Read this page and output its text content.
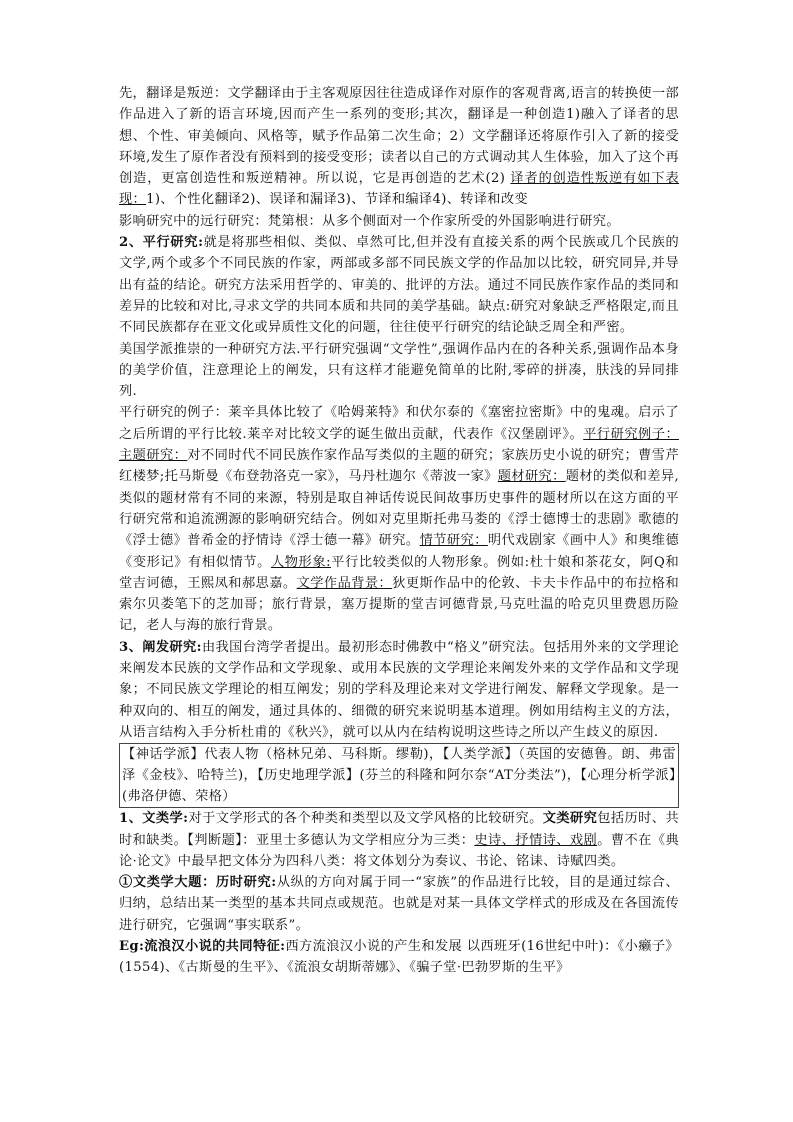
先，翻译是叛逆：文学翻译由于主客观原因往往造成译作对原作的客观背离,语言的转换使一部作品进入了新的语言环境,因而产生一系列的变形;其次，翻译是一种创造1)融入了译者的思想、个性、审美倾向、风格等，赋予作品第二次生命；2）文学翻译还将原作引入了新的接受环境,发生了原作者没有预料到的接受变形；读者以自己的方式调动其人生体验，加入了这个再创造，更富创造性和叛逆精神。所以说，它是再创造的艺术(2) 译者的创造性叛逆有如下表现：1)、个性化翻译2)、误译和漏译3)、节译和编译4)、转译和改变

影响研究中的远行研究：梵第根：从多个侧面对一个作家所受的外国影响进行研究。

2、平行研究:就是将那些相似、类似、卓然可比,但并没有直接关系的两个民族或几个民族的文学,两个或多个不同民族的作家，两部或多部不同民族文学的作品加以比较，研究同异,并导出有益的结论。研究方法采用哲学的、审美的、批评的方法。通过不同民族作家作品的类同和差异的比较和对比,寻求文学的共同本质和共同的美学基础。缺点:研究对象缺乏严格限定,而且不同民族都存在亚文化或异质性文化的问题，往往使平行研究的结论缺乏周全和严密。

美国学派推崇的一种研究方法.平行研究强调“文学性”,强调作品内在的各种关系,强调作品本身的美学价值，注意理论上的阐发，只有这样才能避免简单的比附,零碎的拼凑，肤浅的异同排列.

平行研究的例子：莱辛具体比较了《哈姆莱特》和伏尔泰的《塞密拉密斯》中的鬼魂。启示了之后所谓的平行比较.莱辛对比较文学的诞生做出贡献，代表作《汉堡剧评》。平行研究例子：主题研究：对不同时代不同民族作家作品写类似的主题的研究；家族历史小说的研究；曹雪芹红楼梦;托马斯曼《布登勃洛克一家》，马丹杜迦尔《蒂波一家》题材研究：题材的类似和差异,类似的题材常有不同的来源，特别是取自神话传说民间故事历史事件的题材所以在这方面的平行研究常和追流溯源的影响研究结合。例如对克里斯托弗马娄的《浮士德博士的悲剧》歌德的《浮士德》普希金的抒情诗《浮士德一幕》研究。情节研究：明代戏剧家《画中人》和奥维德《变形记》有相似情节。人物形象:平行比较类似的人物形象。例如:杜十娘和茶花女，阿Q和堂吉诃德，王熙凤和郝思嘉。文学作品背景：狄更斯作品中的伦敦、卡夫卡作品中的布拉格和索尔贝娄笔下的芝加哥；旅行背景，塞万提斯的堂吉诃德背景,马克吐温的哈克贝里费恩历险记，老人与海的旅行背景。

3、阐发研究:由我国台湾学者提出。最初形态时佛教中“格义”研究法。包括用外来的文学理论来阐发本民族的文学作品和文学现象、或用本民族的文学理论来阐发外来的文学作品和文学现象；不同民族文学理论的相互阐发；别的学科及理论来对文学进行阐发、解释文学现象。是一种双向的、相互的阐发，通过具体的、细微的研究来说明基本道理。例如用结构主义的方法，从语言结构入手分析杜甫的《秋兴》，就可以从内在结构说明这些诗之所以产生歧义的原因.

【神话学派】代表人物（格林兄弟、马科斯。缪勒)，【人类学派】（英国的安德鲁。朗、弗雷泽《金枝》、哈特兰)，【历史地理学派】(芬兰的科隆和阿尔奈“AT分类法”)，【心理分析学派】(弗洛伊德、荣格）

1、文类学:对于文学形式的各个种类和类型以及文学风格的比较研究。文类研究包括历时、共时和缺类。【判断题】：亚里士多德认为文学相应分为三类：史诗、抒情诗、戏剧。曹不在《典论·论文》中最早把文体分为四科八类：将文体划分为奏议、书论、铭诔、诗赋四类。

①文类学大题：历时研究:从纵的方向对属于同一“家族”的作品进行比较，目的是通过综合、归纳，总结出某一类型的基本共同点或规范。也就是对某一具体文学样式的形成及在各国流传进行研究，它强调“事实联系”。

Eg:流浪汉小说的共同特征:西方流浪汉小说的产生和发展 以西班牙(16世纪中叶)：《小癞子》(1554)、《古斯曼的生平》、《流浪女胡斯蒂娜》、《骗子堂·巴勃罗斯的生平》
